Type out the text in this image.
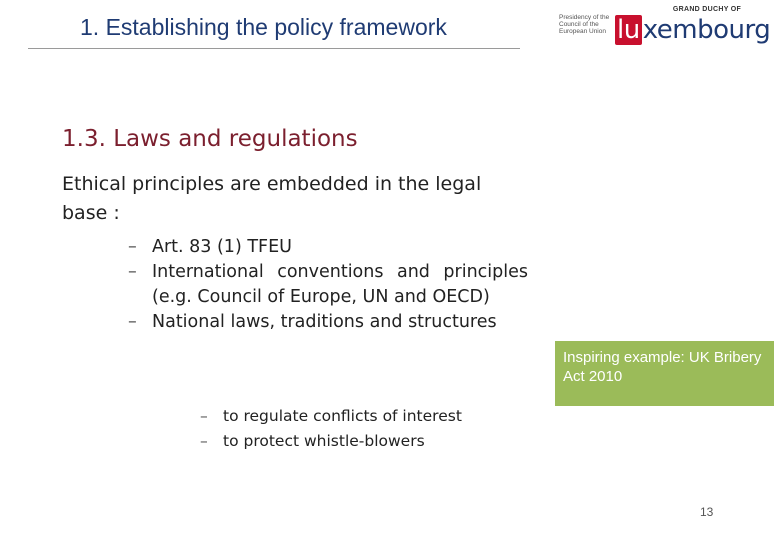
1. Establishing the policy framework	Presidency of the Council of the European Union
GRAND DUCHY OF
lu xembourg
1.3. Laws and regulations
Ethical principles are embedded in the legal base :
– Art. 83 (1) TFEU
– International conventions and principles (e.g. Council of Europe, UN and OECD)
– National laws, traditions and structures
– to regulate conflicts of interest
– to protect whistle-blowers
Inspiring example: UK Bribery Act 2010
13
